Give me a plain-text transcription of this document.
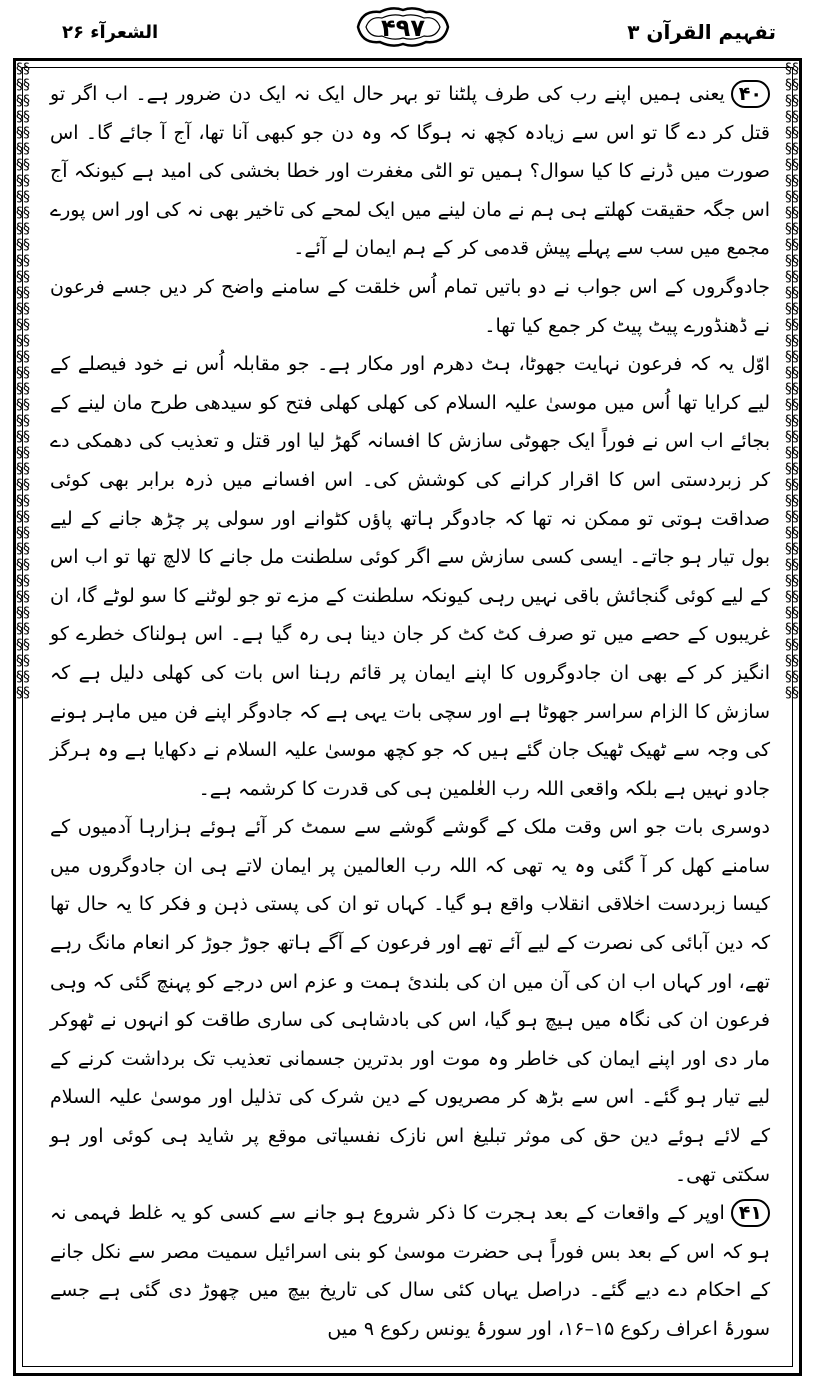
الشعرآء ۲۶	۴۹۷	تفہیم القرآن ۳
§§§§§§§§§§§§§§§§§§§§§§§§§§§§§§§§§§§§§§§§§§§§§§§§§§§§§§§§§§§§§§§§§§§§§§§§§§§§§§§§
§§§§§§§§§§§§§§§§§§§§§§§§§§§§§§§§§§§§§§§§§§§§§§§§§§§§§§§§§§§§§§§§§§§§§§§§§§§§§§§§

۴۰یعنی ہمیں اپنے رب کی طرف پلٹنا تو بہر حال ایک نہ ایک دن ضرور ہے۔ اب اگر تو قتل کر دے گا تو اس سے زیادہ کچھ نہ ہوگا کہ وہ دن جو کبھی آنا تھا، آج آ جائے گا۔ اس صورت میں ڈرنے کا کیا سوال؟ ہمیں تو الٹی مغفرت اور خطا بخشی کی امید ہے کیونکہ آج اس جگہ حقیقت کھلتے ہی ہم نے مان لینے میں ایک لمحے کی تاخیر بھی نہ کی اور اس پورے مجمع میں سب سے پہلے پیش قدمی کر کے ہم ایمان لے آئے۔

جادوگروں کے اس جواب نے دو باتیں تمام اُس خلقت کے سامنے واضح کر دیں جسے فرعون نے ڈھنڈورے پیٹ پیٹ کر جمع کیا تھا۔

اوّل یہ کہ فرعون نہایت جھوٹا، ہٹ دھرم اور مکار ہے۔ جو مقابلہ اُس نے خود فیصلے کے لیے کرایا تھا اُس میں موسیٰ علیہ السلام کی کھلی کھلی فتح کو سیدھی طرح مان لینے کے بجائے اب اس نے فوراً ایک جھوٹی سازش کا افسانہ گھڑ لیا اور قتل و تعذیب کی دھمکی دے کر زبردستی اس کا اقرار کرانے کی کوشش کی۔ اس افسانے میں ذرہ برابر بھی کوئی صداقت ہوتی تو ممکن نہ تھا کہ جادوگر ہاتھ پاؤں کٹوانے اور سولی پر چڑھ جانے کے لیے بول تیار ہو جاتے۔ ایسی کسی سازش سے اگر کوئی سلطنت مل جانے کا لالچ تھا تو اب اس کے لیے کوئی گنجائش باقی نہیں رہی کیونکہ سلطنت کے مزے تو جو لوٹنے کا سو لوٹے گا، ان غریبوں کے حصے میں تو صرف کٹ کٹ کر جان دینا ہی رہ گیا ہے۔ اس ہولناک خطرے کو انگیز کر کے بھی ان جادوگروں کا اپنے ایمان پر قائم رہنا اس بات کی کھلی دلیل ہے کہ سازش کا الزام سراسر جھوٹا ہے اور سچی بات یہی ہے کہ جادوگر اپنے فن میں ماہر ہونے کی وجہ سے ٹھیک ٹھیک جان گئے ہیں کہ جو کچھ موسیٰ علیہ السلام نے دکھایا ہے وہ ہرگز جادو نہیں ہے بلکہ واقعی اللہ رب العٰلمین ہی کی قدرت کا کرشمہ ہے۔

دوسری بات جو اس وقت ملک کے گوشے گوشے سے سمٹ کر آئے ہوئے ہزارہا آدمیوں کے سامنے کھل کر آ گئی وہ یہ تھی کہ اللہ رب العالمین پر ایمان لاتے ہی ان جادوگروں میں کیسا زبردست اخلاقی انقلاب واقع ہو گیا۔ کہاں تو ان کی پستی ذہن و فکر کا یہ حال تھا کہ دین آبائی کی نصرت کے لیے آئے تھے اور فرعون کے آگے ہاتھ جوڑ جوڑ کر انعام مانگ رہے تھے، اور کہاں اب ان کی آن میں ان کی بلندیٔ ہمت و عزم اس درجے کو پہنچ گئی کہ وہی فرعون ان کی نگاہ میں ہیچ ہو گیا، اس کی بادشاہی کی ساری طاقت کو انہوں نے ٹھوکر مار دی اور اپنے ایمان کی خاطر وہ موت اور بدترین جسمانی تعذیب تک برداشت کرنے کے لیے تیار ہو گئے۔ اس سے بڑھ کر مصریوں کے دین شرک کی تذلیل اور موسیٰ علیہ السلام کے لائے ہوئے دین حق کی موثر تبلیغ اس نازک نفسیاتی موقع پر شاید ہی کوئی اور ہو سکتی تھی۔

۴۱اوپر کے واقعات کے بعد ہجرت کا ذکر شروع ہو جانے سے کسی کو یہ غلط فہمی نہ ہو کہ اس کے بعد بس فوراً ہی حضرت موسیٰ کو بنی اسرائیل سمیت مصر سے نکل جانے کے احکام دے دیے گئے۔ دراصل یہاں کئی سال کی تاریخ بیچ میں چھوڑ دی گئی ہے جسے سورۂ اعراف رکوع ۱۵–۱۶، اور سورۂ یونس رکوع ۹ میں
